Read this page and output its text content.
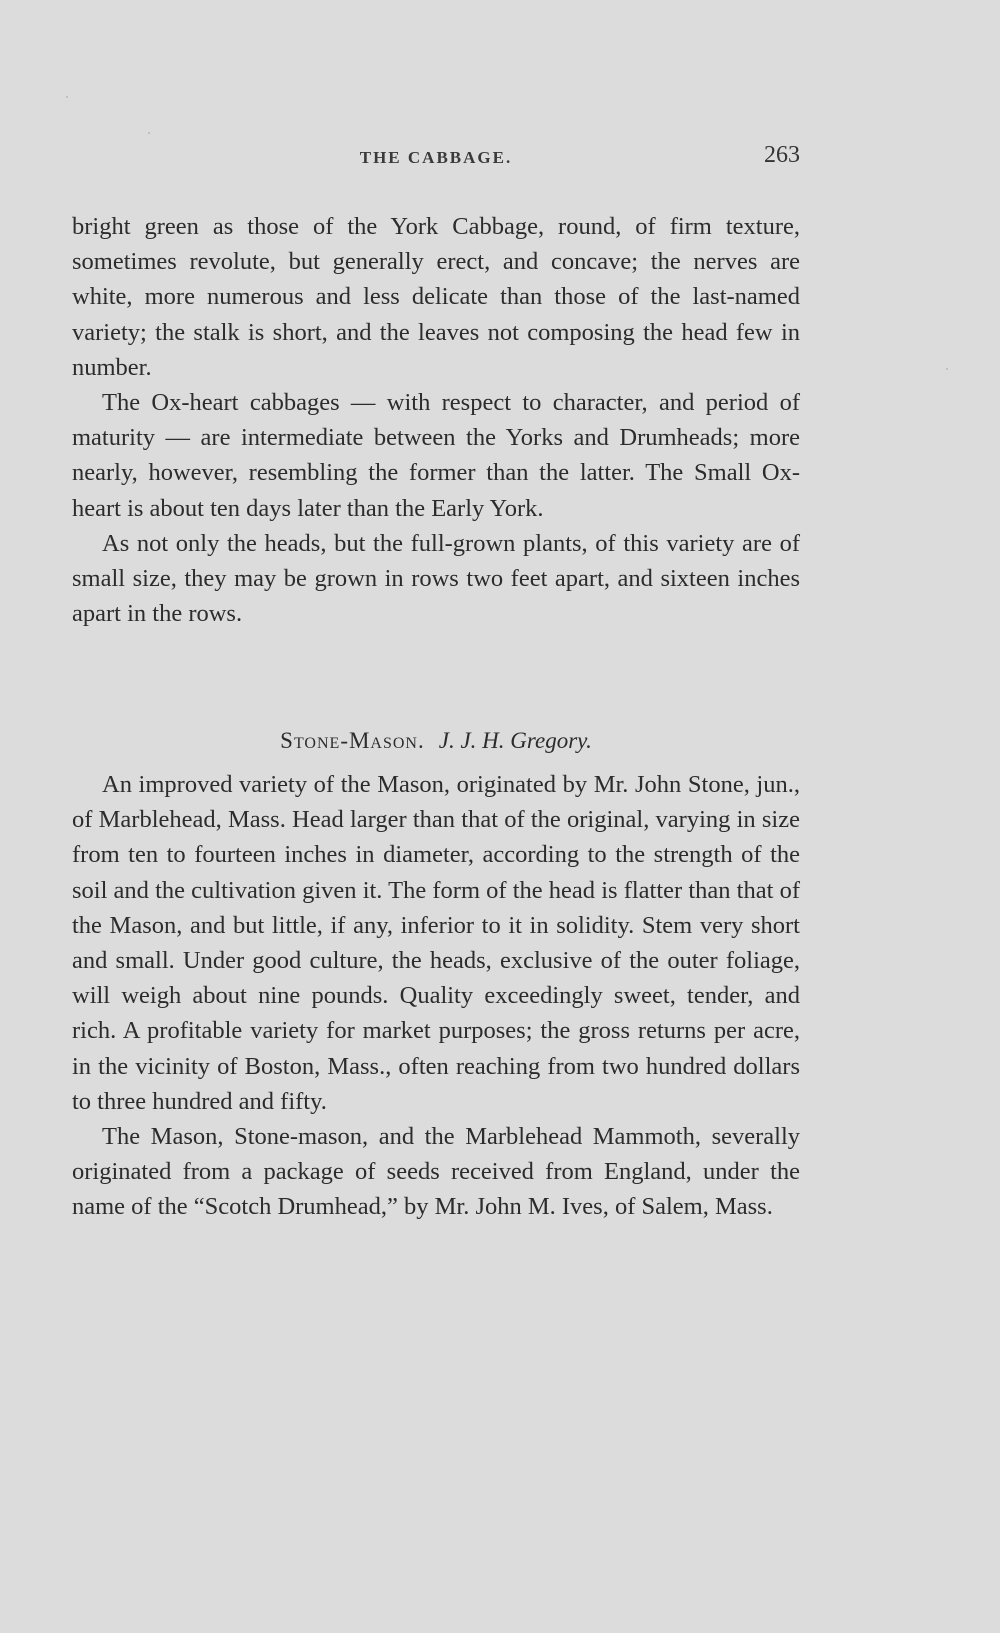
THE CABBAGE.	263

bright green as those of the York Cabbage, round, of firm texture, sometimes revolute, but generally erect, and concave; the nerves are white, more numerous and less delicate than those of the last-named variety; the stalk is short, and the leaves not composing the head few in number.

The Ox-heart cabbages — with respect to character, and period of maturity — are intermediate between the Yorks and Drumheads; more nearly, however, resembling the former than the latter. The Small Ox-heart is about ten days later than the Early York.

As not only the heads, but the full-grown plants, of this variety are of small size, they may be grown in rows two feet apart, and sixteen inches apart in the rows.

Stone-Mason. J. J. H. Gregory.

An improved variety of the Mason, originated by Mr. John Stone, jun., of Marblehead, Mass. Head larger than that of the original, varying in size from ten to fourteen inches in diameter, according to the strength of the soil and the cultivation given it. The form of the head is flatter than that of the Mason, and but little, if any, inferior to it in solidity. Stem very short and small. Under good culture, the heads, exclusive of the outer foliage, will weigh about nine pounds. Quality exceedingly sweet, tender, and rich. A profitable variety for market purposes; the gross returns per acre, in the vicinity of Boston, Mass., often reaching from two hundred dollars to three hundred and fifty.

The Mason, Stone-mason, and the Marblehead Mammoth, severally originated from a package of seeds received from England, under the name of the “Scotch Drumhead,” by Mr. John M. Ives, of Salem, Mass.
